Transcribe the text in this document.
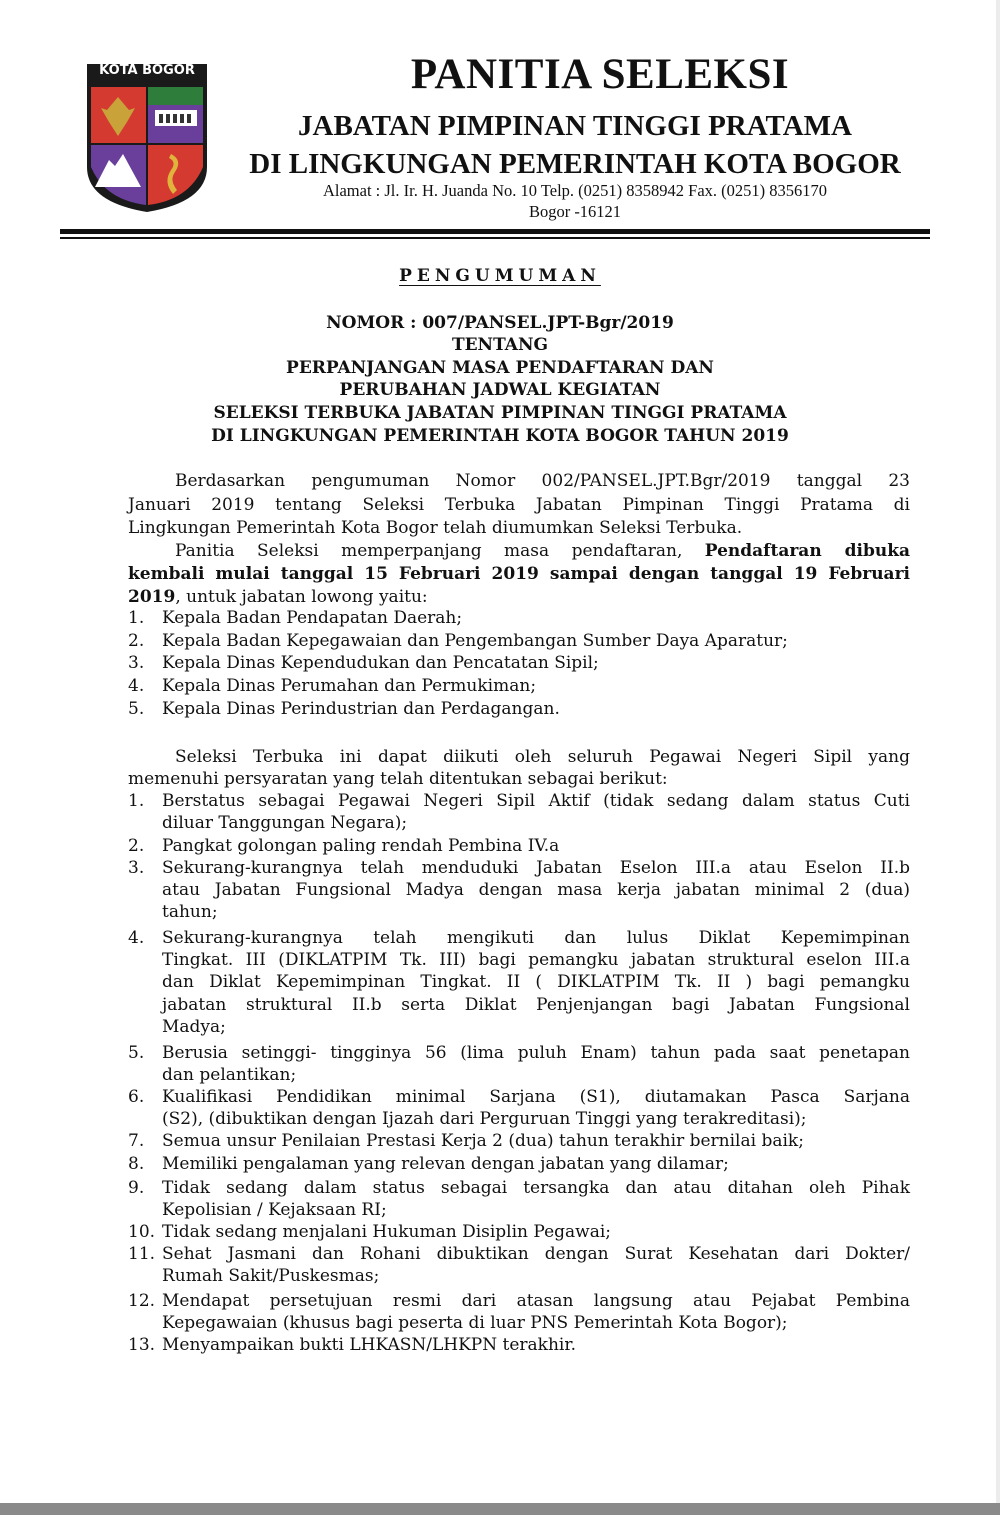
KOTA BOGOR	PANITIA SELEKSI
JABATAN PIMPINAN TINGGI PRATAMA
DI LINGKUNGAN PEMERINTAH KOTA BOGOR
Alamat : Jl. Ir. H. Juanda No. 10 Telp. (0251) 8358942 Fax. (0251) 8356170
Bogor -16121
PENGUMUMAN
NOMOR : 007/PANSEL.JPT-Bgr/2019
TENTANG
PERPANJANGAN MASA PENDAFTARAN DAN
PERUBAHAN JADWAL KEGIATAN
SELEKSI TERBUKA JABATAN PIMPINAN TINGGI PRATAMA
DI LINGKUNGAN PEMERINTAH KOTA BOGOR TAHUN 2019
Berdasarkan pengumuman Nomor 002/PANSEL.JPT.Bgr/2019 tanggal 23
Januari 2019 tentang Seleksi Terbuka Jabatan Pimpinan Tinggi Pratama di
Lingkungan Pemerintah Kota Bogor telah diumumkan Seleksi Terbuka.
Panitia Seleksi memperpanjang masa pendaftaran, Pendaftaran dibuka
kembali mulai tanggal 15 Februari 2019 sampai dengan tanggal 19 Februari
2019, untuk jabatan lowong yaitu:
1. Kepala Badan Pendapatan Daerah;
2. Kepala Badan Kepegawaian dan Pengembangan Sumber Daya Aparatur;
3. Kepala Dinas Kependudukan dan Pencatatan Sipil;
4. Kepala Dinas Perumahan dan Permukiman;
5. Kepala Dinas Perindustrian dan Perdagangan.
Seleksi Terbuka ini dapat diikuti oleh seluruh Pegawai Negeri Sipil yang
memenuhi persyaratan yang telah ditentukan sebagai berikut:
1. Berstatus sebagai Pegawai Negeri Sipil Aktif (tidak sedang dalam status Cuti
diluar Tanggungan Negara);
2. Pangkat golongan paling rendah Pembina IV.a
3. Sekurang-kurangnya telah menduduki Jabatan Eselon III.a atau Eselon II.b
atau Jabatan Fungsional Madya dengan masa kerja jabatan minimal 2 (dua)
tahun;
4. Sekurang-kurangnya telah mengikuti dan lulus Diklat Kepemimpinan
Tingkat. III (DIKLATPIM Tk. III) bagi pemangku jabatan struktural eselon III.a
dan Diklat Kepemimpinan Tingkat. II ( DIKLATPIM Tk. II ) bagi pemangku
jabatan struktural II.b serta Diklat Penjenjangan bagi Jabatan Fungsional
Madya;
5. Berusia setinggi- tingginya 56 (lima puluh Enam) tahun pada saat penetapan
dan pelantikan;
6. Kualifikasi Pendidikan minimal Sarjana (S1), diutamakan Pasca Sarjana
(S2), (dibuktikan dengan Ijazah dari Perguruan Tinggi yang terakreditasi);
7. Semua unsur Penilaian Prestasi Kerja 2 (dua) tahun terakhir bernilai baik;
8. Memiliki pengalaman yang relevan dengan jabatan yang dilamar;
9. Tidak sedang dalam status sebagai tersangka dan atau ditahan oleh Pihak
Kepolisian / Kejaksaan RI;
10. Tidak sedang menjalani Hukuman Disiplin Pegawai;
11. Sehat Jasmani dan Rohani dibuktikan dengan Surat Kesehatan dari Dokter/
Rumah Sakit/Puskesmas;
12. Mendapat persetujuan resmi dari atasan langsung atau Pejabat Pembina
Kepegawaian (khusus bagi peserta di luar PNS Pemerintah Kota Bogor);
13. Menyampaikan bukti LHKASN/LHKPN terakhir.
